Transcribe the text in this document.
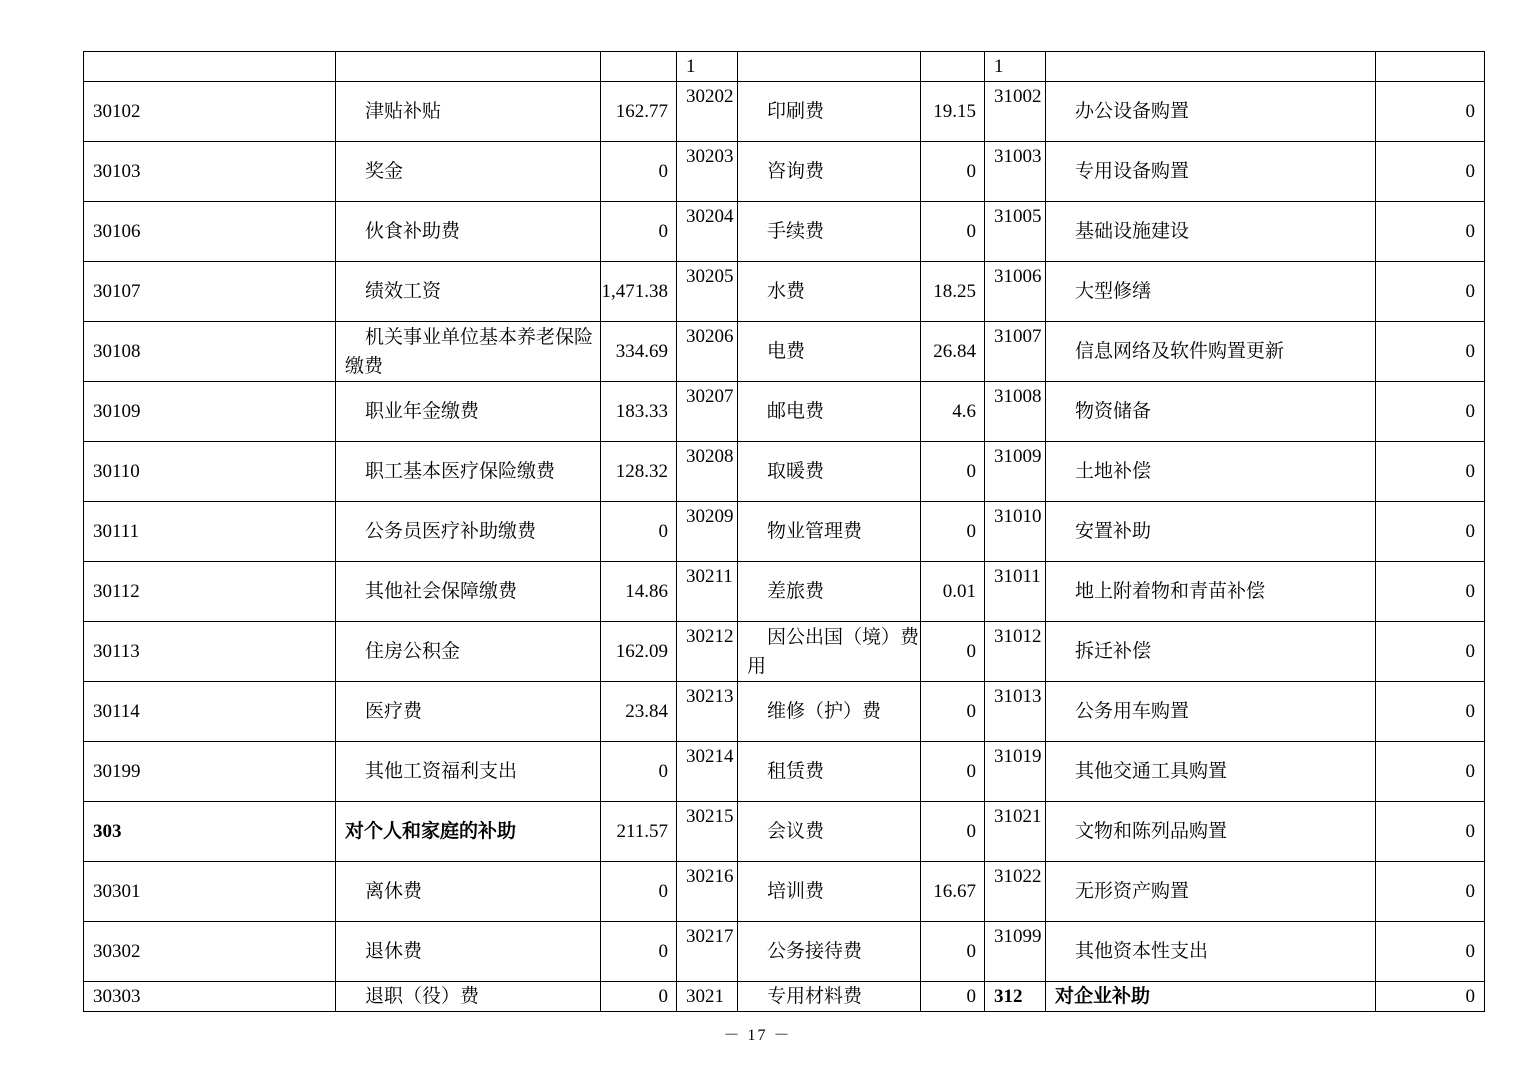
			1			1		
30102	津贴补贴	162.77	30202	印刷费	19.15	31002	办公设备购置	0
30103	奖金	0	30203	咨询费	0	31003	专用设备购置	0
30106	伙食补助费	0	30204	手续费	0	31005	基础设施建设	0
30107	绩效工资	1,471.38	30205	水费	18.25	31006	大型修缮	0
30108	机关事业单位基本养老保险缴费	334.69	30206	电费	26.84	31007	信息网络及软件购置更新	0
30109	职业年金缴费	183.33	30207	邮电费	4.6	31008	物资储备	0
30110	职工基本医疗保险缴费	128.32	30208	取暖费	0	31009	土地补偿	0
30111	公务员医疗补助缴费	0	30209	物业管理费	0	31010	安置补助	0
30112	其他社会保障缴费	14.86	30211	差旅费	0.01	31011	地上附着物和青苗补偿	0
30113	住房公积金	162.09	30212	因公出国（境）费用	0	31012	拆迁补偿	0
30114	医疗费	23.84	30213	维修（护）费	0	31013	公务用车购置	0
30199	其他工资福利支出	0	30214	租赁费	0	31019	其他交通工具购置	0
303	对个人和家庭的补助	211.57	30215	会议费	0	31021	文物和陈列品购置	0
30301	离休费	0	30216	培训费	16.67	31022	无形资产购置	0
30302	退休费	0	30217	公务接待费	0	31099	其他资本性支出	0
30303	退职（役）费	0	3021	专用材料费	0	312	对企业补助	0
－ 17 －
